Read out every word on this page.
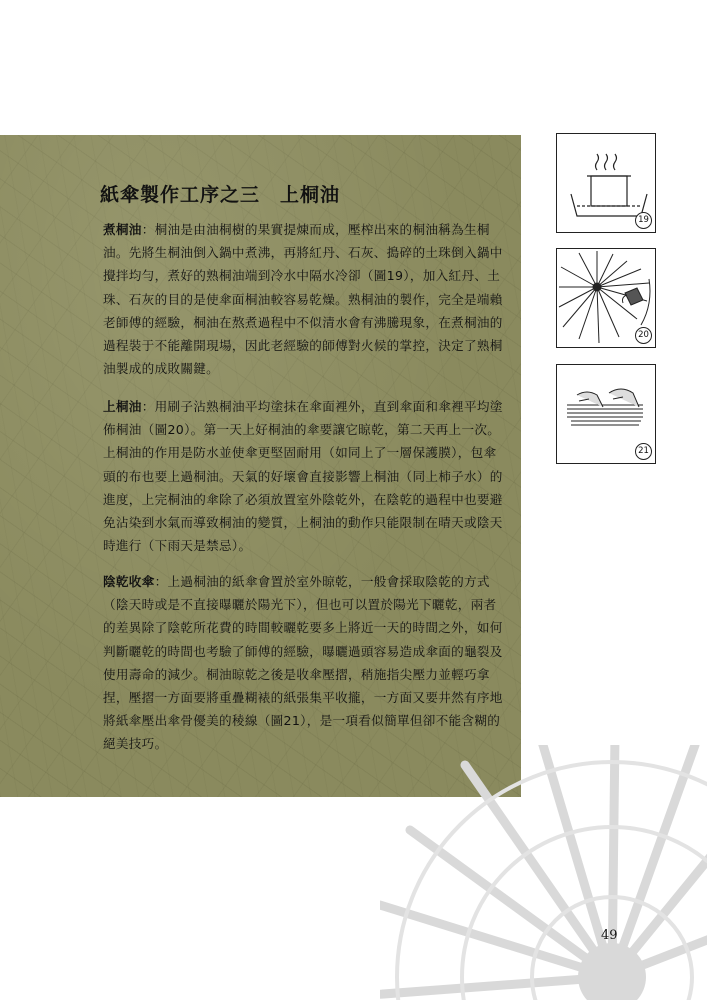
紙傘製作工序之三　上桐油

煮桐油：桐油是由油桐樹的果實提煉而成，壓榨出來的桐油稱為生桐油。先將生桐油倒入鍋中煮沸，再將紅丹、石灰、搗碎的土珠倒入鍋中攪拌均勻，煮好的熟桐油端到冷水中隔水冷卻（圖19），加入紅丹、土珠、石灰的目的是使傘面桐油較容易乾燥。熟桐油的製作，完全是端賴老師傅的經驗，桐油在熬煮過程中不似清水會有沸騰現象，在煮桐油的過程裝于不能離開現場，因此老經驗的師傅對火候的掌控，決定了熟桐油製成的成敗關鍵。

上桐油：用刷子沾熟桐油平均塗抹在傘面裡外，直到傘面和傘裡平均塗佈桐油（圖20）。第一天上好桐油的傘要讓它晾乾，第二天再上一次。上桐油的作用是防水並使傘更堅固耐用（如同上了一層保護膜），包傘頭的布也要上過桐油。天氣的好壞會直接影響上桐油（同上柿子水）的進度，上完桐油的傘除了必須放置室外陰乾外，在陰乾的過程中也要避免沾染到水氣而導致桐油的變質，上桐油的動作只能限制在晴天或陰天時進行（下雨天是禁忌）。

陰乾收傘：上過桐油的紙傘會置於室外晾乾，一般會採取陰乾的方式（陰天時或是不直接曝曬於陽光下），但也可以置於陽光下曬乾，兩者的差異除了陰乾所花費的時間較曬乾要多上將近一天的時間之外，如何判斷曬乾的時間也考驗了師傅的經驗，曝曬過頭容易造成傘面的龜裂及使用壽命的減少。桐油晾乾之後是收傘壓摺，稍施指尖壓力並輕巧拿捏，壓摺一方面要將重疊糊裱的紙張集平收攏，一方面又要井然有序地將紙傘壓出傘骨優美的稜線（圖21），是一項看似簡單但卻不能含糊的絕美技巧。

19
20
21
49
